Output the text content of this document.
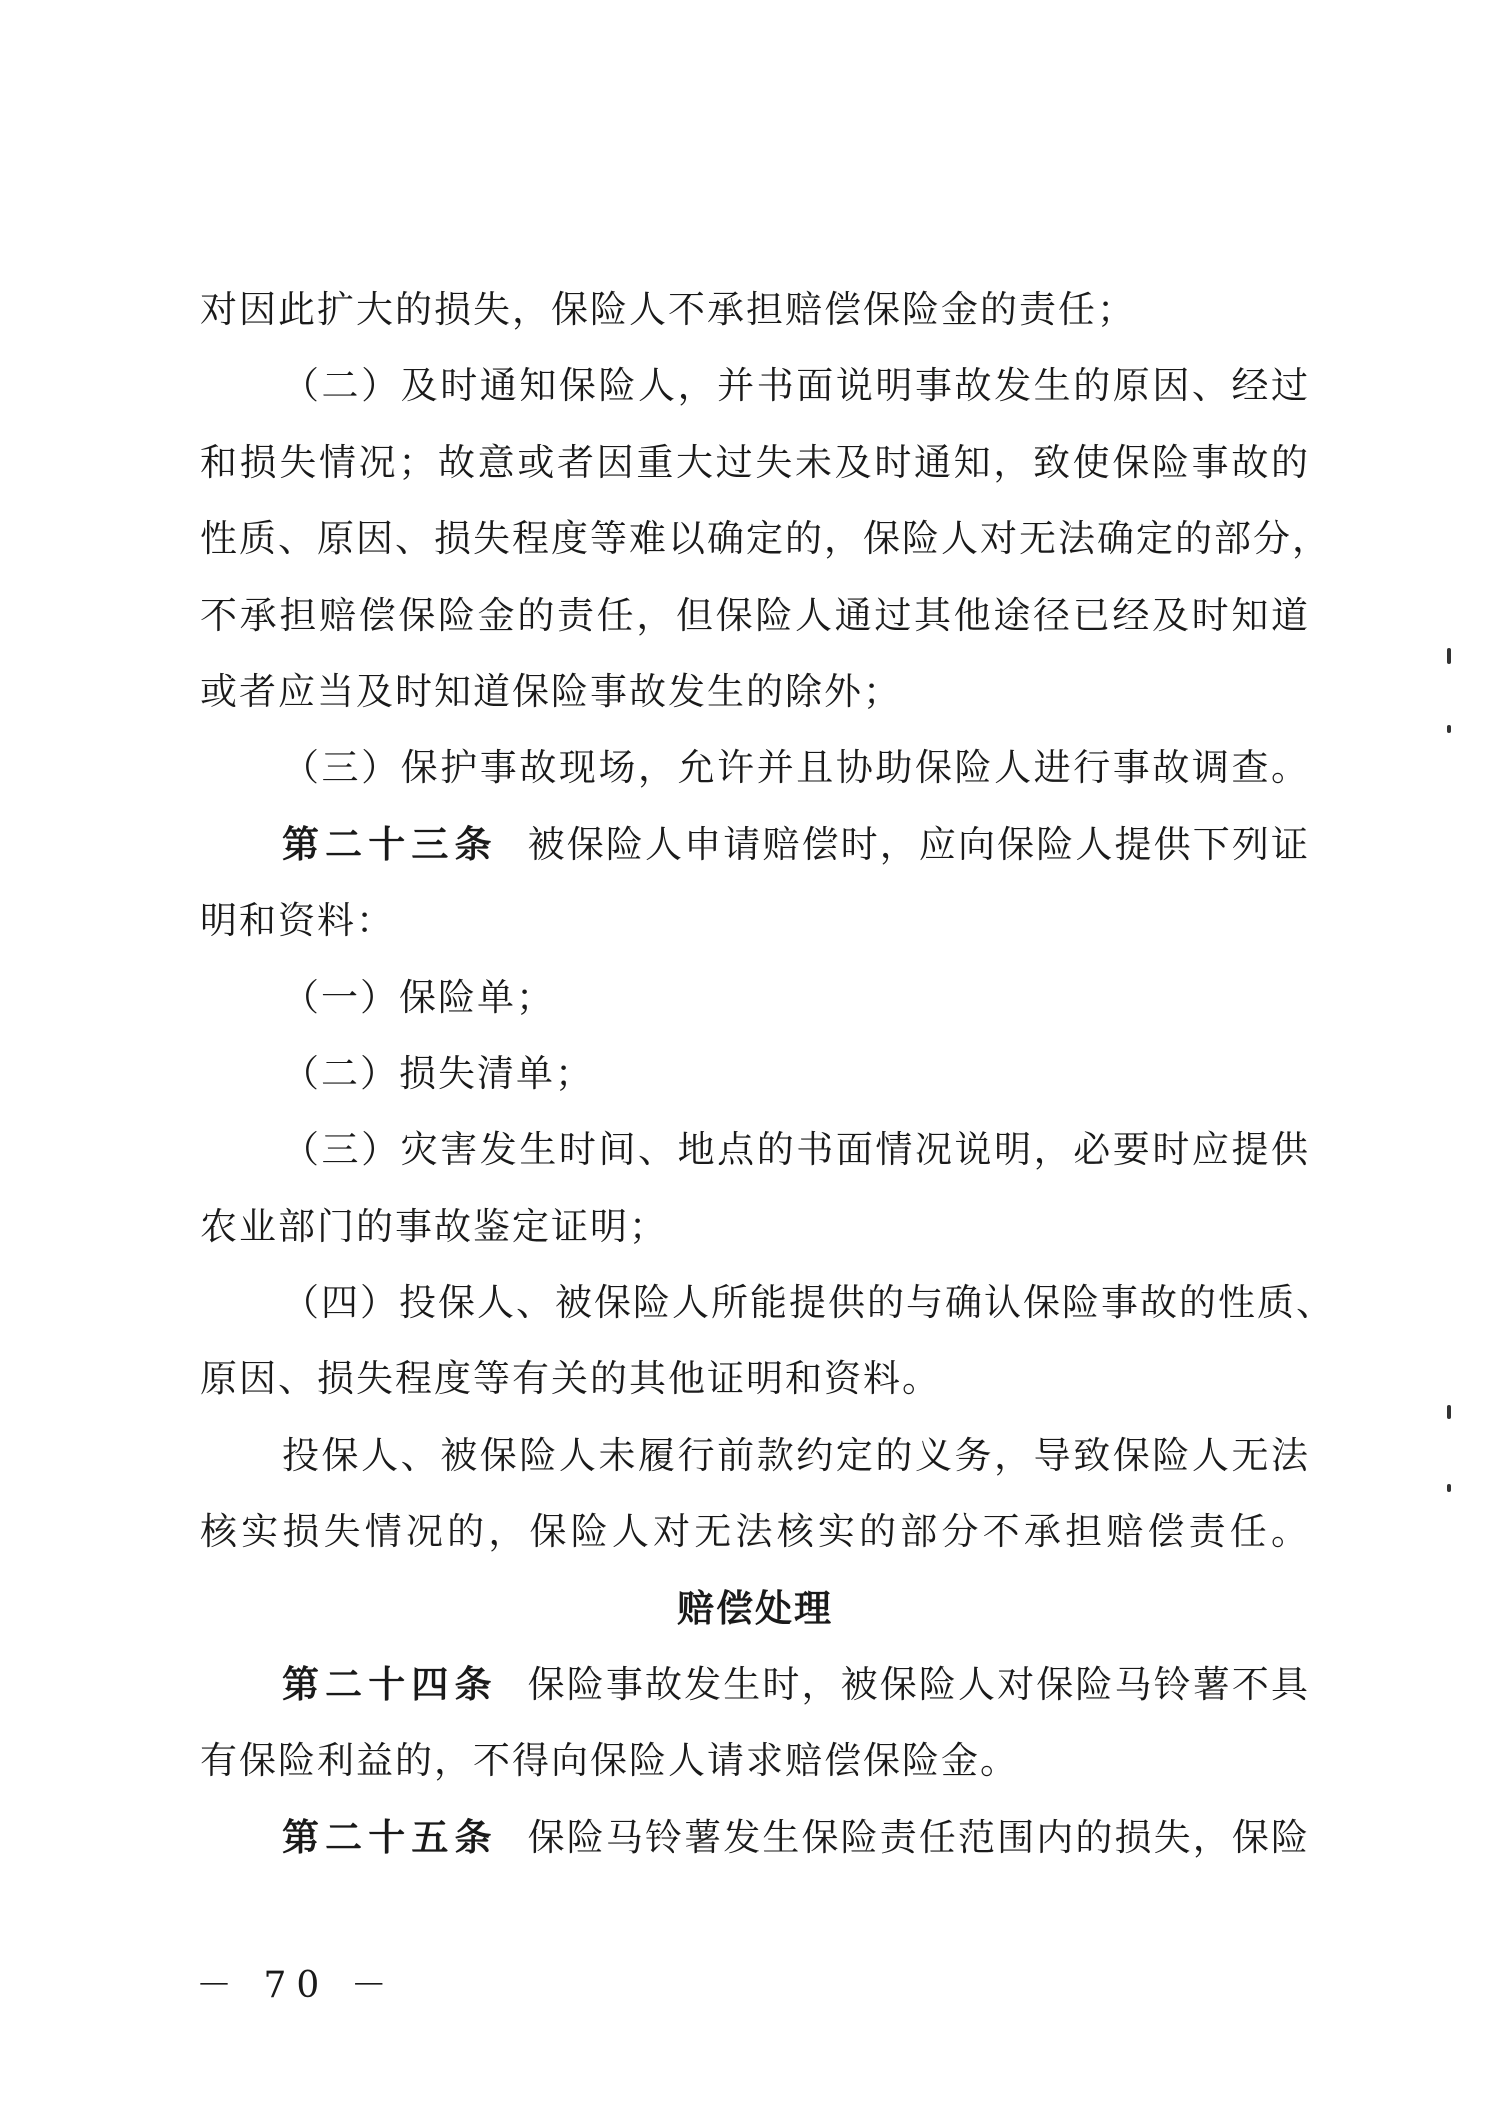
对因此扩大的损失，保险人不承担赔偿保险金的责任；
（二）及时通知保险人，并书面说明事故发生的原因、经过
和损失情况；故意或者因重大过失未及时通知，致使保险事故的
性质、原因、损失程度等难以确定的，保险人对无法确定的部分，
不承担赔偿保险金的责任，但保险人通过其他途径已经及时知道
或者应当及时知道保险事故发生的除外；
（三）保护事故现场，允许并且协助保险人进行事故调查。
第二十三条 被保险人申请赔偿时，应向保险人提供下列证
明和资料：
（一）保险单；
（二）损失清单；
（三）灾害发生时间、地点的书面情况说明，必要时应提供
农业部门的事故鉴定证明；
（四）投保人、被保险人所能提供的与确认保险事故的性质、
原因、损失程度等有关的其他证明和资料。
投保人、被保险人未履行前款约定的义务，导致保险人无法
核实损失情况的，保险人对无法核实的部分不承担赔偿责任。
赔偿处理
第二十四条 保险事故发生时，被保险人对保险马铃薯不具
有保险利益的，不得向保险人请求赔偿保险金。
第二十五条 保险马铃薯发生保险责任范围内的损失，保险
－ 70 －
